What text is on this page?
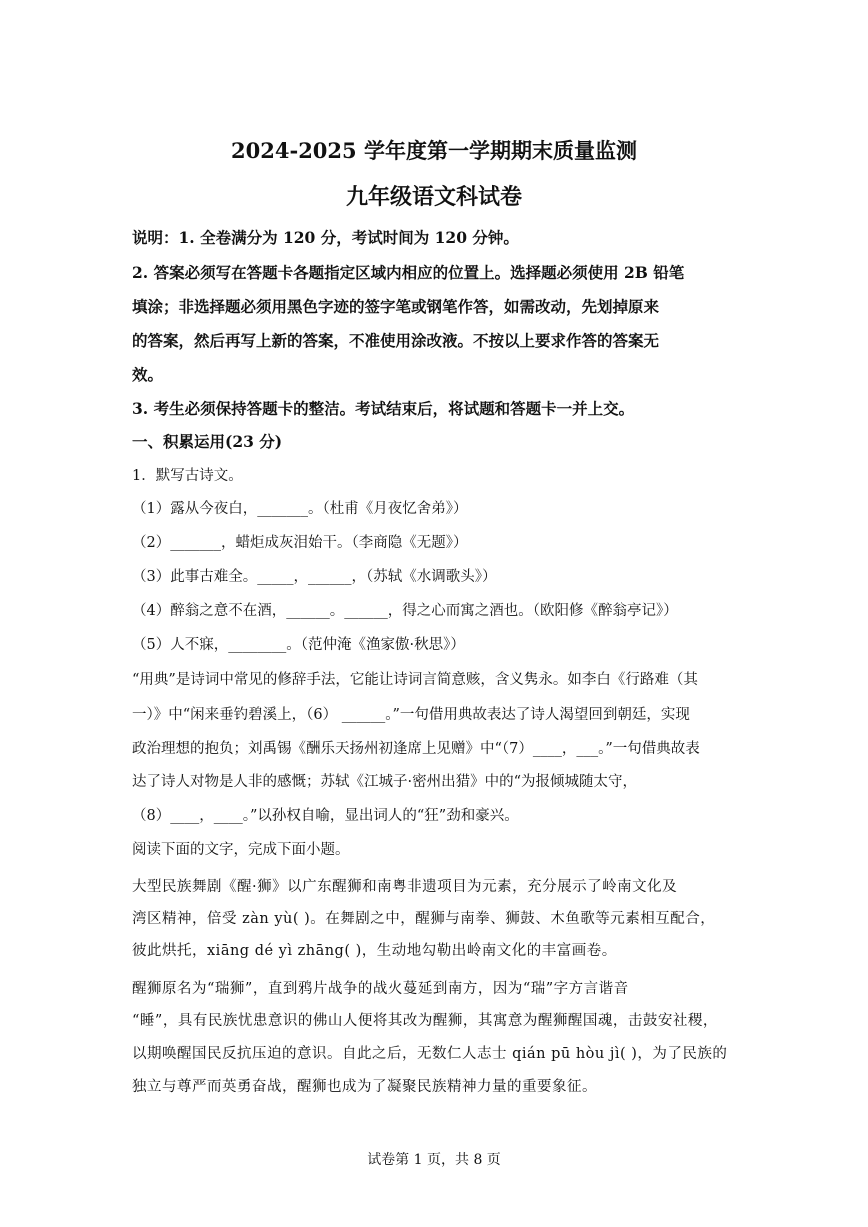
2024-2025 学年度第一学期期末质量监测
九年级语文科试卷
说明：1. 全卷满分为 120 分，考试时间为 120 分钟。
2. 答案必须写在答题卡各题指定区域内相应的位置上。选择题必须使用 2B 铅笔
填涂；非选择题必须用黑色字迹的签字笔或钢笔作答，如需改动，先划掉原来
的答案，然后再写上新的答案，不准使用涂改液。不按以上要求作答的答案无
效。
3. 考生必须保持答题卡的整洁。考试结束后，将试题和答题卡一并上交。
一、积累运用(23 分)
1．默写古诗文。
（1）露从今夜白，_______。（杜甫《月夜忆舍弟》）
（2）_______，蜡炬成灰泪始干。（李商隐《无题》）
（3）此事古难全。_____，______，（苏轼《水调歌头》）
（4）醉翁之意不在酒，______。______，得之心而寓之酒也。（欧阳修《醉翁亭记》）
（5）人不寐，________。（范仲淹《渔家傲·秋思》）
“用典”是诗词中常见的修辞手法，它能让诗词言简意赅，含义隽永。如李白《行路难（其
一）》中“闲来垂钓碧溪上，（6） ______。”一句借用典故表达了诗人渴望回到朝廷，实现
政治理想的抱负；刘禹锡《酬乐天扬州初逢席上见赠》中“（7）____，___。”一句借典故表
达了诗人对物是人非的感慨；苏轼《江城子·密州出猎》中的“为报倾城随太守，
（8）____，____。”以孙权自喻，显出词人的“狂”劲和豪兴。
阅读下面的文字，完成下面小题。
大型民族舞剧《醒·狮》以广东醒狮和南粤非遗项目为元素，充分展示了岭南文化及
湾区精神，倍受 zàn yù( )。在舞剧之中，醒狮与南拳、狮鼓、木鱼歌等元素相互配合，
彼此烘托，xiāng dé yì zhāng( )，生动地勾勒出岭南文化的丰富画卷。
醒狮原名为“瑞狮”，直到鸦片战争的战火蔓延到南方，因为“瑞”字方言谐音
“睡”，具有民族忧患意识的佛山人便将其改为醒狮，其寓意为醒狮醒国魂，击鼓安社稷，
以期唤醒国民反抗压迫的意识。自此之后，无数仁人志士 qián pū hòu jì( )，为了民族的
独立与尊严而英勇奋战，醒狮也成为了凝聚民族精神力量的重要象征。
试卷第 1 页，共 8 页
